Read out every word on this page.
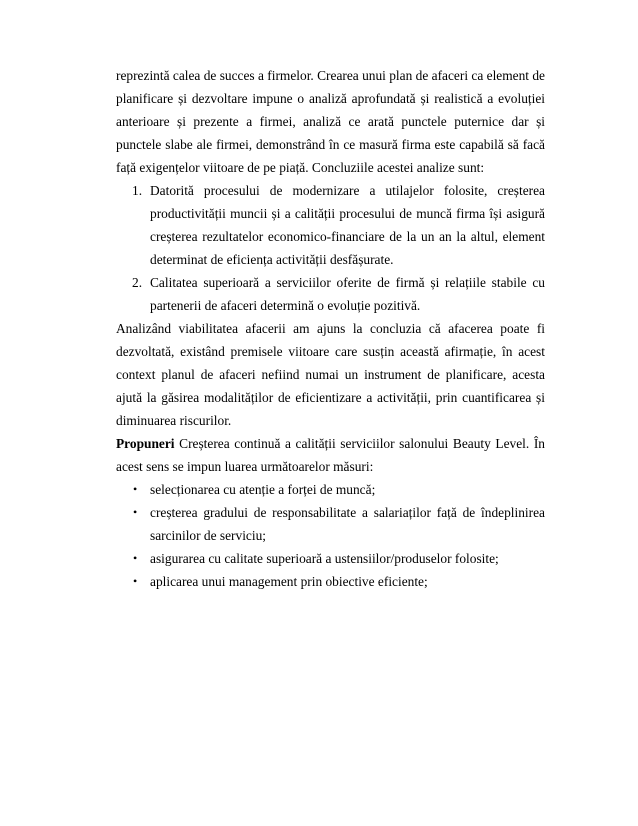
reprezintă calea de succes a firmelor. Crearea unui plan de afaceri ca element de planificare și dezvoltare impune o analiză aprofundată și realistică a evoluției anterioare și prezente a firmei, analiză ce arată punctele puternice dar și punctele slabe ale firmei, demonstrând în ce masură firma este capabilă să facă față exigențelor viitoare de pe piață. Concluziile acestei analize sunt:

1. Datorită procesului de modernizare a utilajelor folosite, creșterea productivității muncii și a calității procesului de muncă firma își asigură creșterea rezultatelor economico-financiare de la un an la altul, element determinat de eficiența activității desfășurate.
2. Calitatea superioară a serviciilor oferite de firmă și relațiile stabile cu partenerii de afaceri determină o evoluție pozitivă.

Analizând viabilitatea afacerii am ajuns la concluzia că afacerea poate fi dezvoltată, existând premisele viitoare care susțin această afirmație, în acest context planul de afaceri nefiind numai un instrument de planificare, acesta ajută la găsirea modalităților de eficientizare a activității, prin cuantificarea și diminuarea riscurilor.

Propuneri Creșterea continuă a calității serviciilor salonului Beauty Level. În acest sens se impun luarea următoarelor măsuri:

• selecționarea cu atenție a forței de muncă;
• creșterea gradului de responsabilitate a salariaților față de îndeplinirea sarcinilor de serviciu;
• asigurarea cu calitate superioară a ustensiilor/produselor folosite;
• aplicarea unui management prin obiective eficiente;
